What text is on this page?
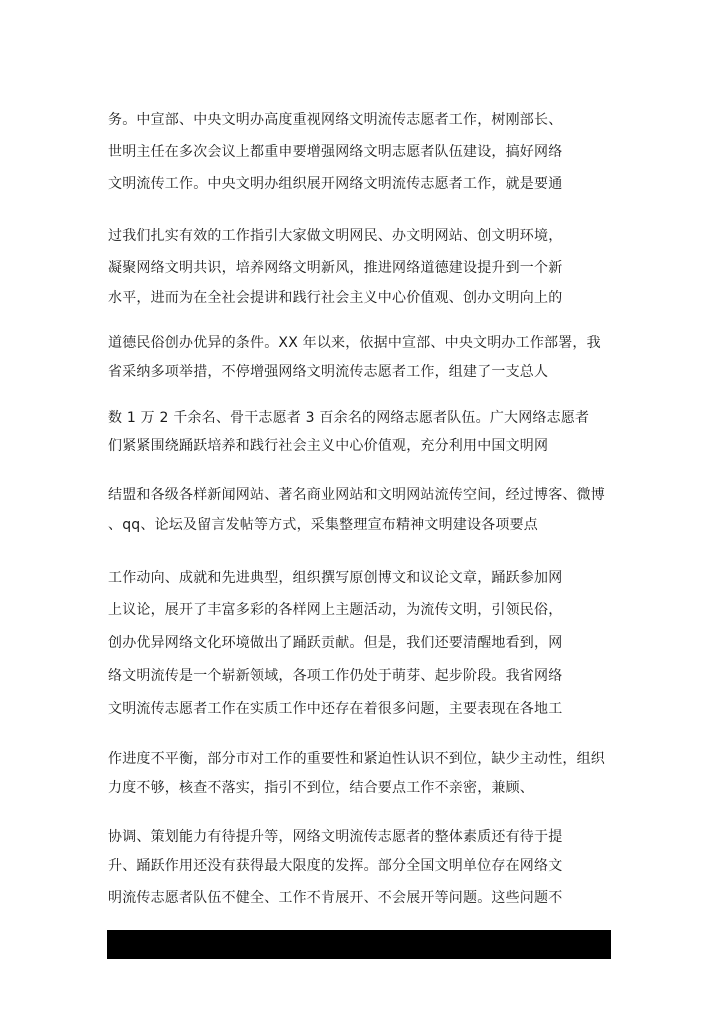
务。中宣部、中央文明办高度重视网络文明流传志愿者工作，树刚部长、
世明主任在多次会议上都重申要增强网络文明志愿者队伍建设，搞好网络
文明流传工作。中央文明办组织展开网络文明流传志愿者工作，就是要通
过我们扎实有效的工作指引大家做文明网民、办文明网站、创文明环境，
凝聚网络文明共识，培养网络文明新风，推进网络道德建设提升到一个新
水平，进而为在全社会提讲和践行社会主义中心价值观、创办文明向上的
道德民俗创办优异的条件。XX 年以来，依据中宣部、中央文明办工作部署，我
省采纳多项举措，不停增强网络文明流传志愿者工作，组建了一支总人
数 1 万 2 千余名、骨干志愿者 3 百余名的网络志愿者队伍。广大网络志愿者
们紧紧围绕踊跃培养和践行社会主义中心价值观，充分利用中国文明网
结盟和各级各样新闻网站、著名商业网站和文明网站流传空间，经过博客、微博
、qq、论坛及留言发帖等方式，采集整理宣布精神文明建设各项要点
工作动向、成就和先进典型，组织撰写原创博文和议论文章，踊跃参加网
上议论，展开了丰富多彩的各样网上主题活动，为流传文明，引领民俗，
创办优异网络文化环境做出了踊跃贡献。但是，我们还要清醒地看到，网
络文明流传是一个崭新领域，各项工作仍处于萌芽、起步阶段。我省网络
文明流传志愿者工作在实质工作中还存在着很多问题，主要表现在各地工
作进度不平衡，部分市对工作的重要性和紧迫性认识不到位，缺少主动性，组织
力度不够，核查不落实，指引不到位，结合要点工作不亲密，兼顾、
协调、策划能力有待提升等，网络文明流传志愿者的整体素质还有待于提
升、踊跃作用还没有获得最大限度的发挥。部分全国文明单位存在网络文
明流传志愿者队伍不健全、工作不肯展开、不会展开等问题。这些问题不
